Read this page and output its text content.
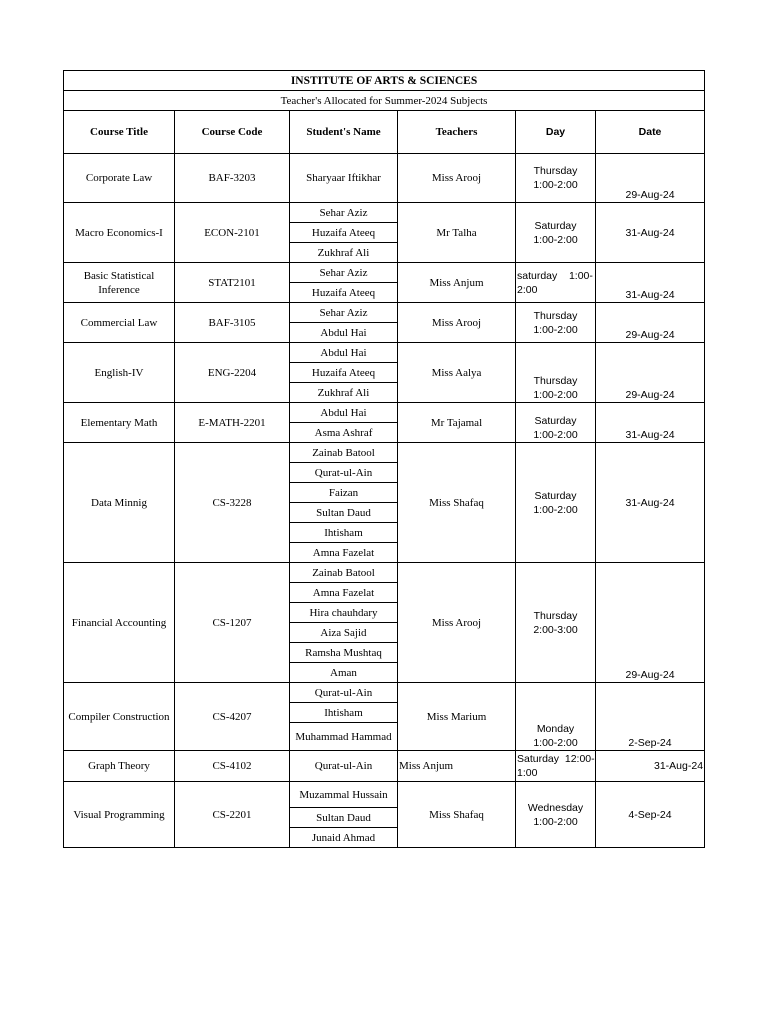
INSTITUTE OF ARTS & SCIENCES					
Teacher's Allocated for Summer-2024 Subjects					
Course Title	Course Code	Student's Name	Teachers	Day	Date
Corporate Law	BAF-3203	Sharyaar Iftikhar	Miss Arooj	Thursday
1:00-2:00	29-Aug-24
Macro Economics-I	ECON-2101	Sehar Aziz	Mr Talha	Saturday
1:00-2:00	31-Aug-24
		Huzaifa Ateeq			
		Zukhraf Ali			
Basic Statistical
Inference	STAT2101	Sehar Aziz	Miss Anjum	saturday    1:00-
2:00	31-Aug-24
		Huzaifa Ateeq			
Commercial Law	BAF-3105	Sehar Aziz	Miss Arooj	Thursday
1:00-2:00	29-Aug-24
		Abdul Hai			
English-IV	ENG-2204	Abdul Hai	Miss Aalya	Thursday
1:00-2:00	29-Aug-24
		Huzaifa Ateeq			
		Zukhraf Ali			
Elementary Math	E-MATH-2201	Abdul Hai	Mr Tajamal	Saturday
1:00-2:00	31-Aug-24
		Asma Ashraf			
Data Minnig	CS-3228	Zainab Batool	Miss Shafaq	Saturday
1:00-2:00	31-Aug-24
		Qurat-ul-Ain			
		Faizan			
		Sultan Daud			
		Ihtisham			
		Amna Fazelat			
Financial Accounting	CS-1207	Zainab Batool	Miss Arooj	Thursday
2:00-3:00	29-Aug-24
		Amna Fazelat			
		Hira chauhdary			
		Aiza Sajid			
		Ramsha Mushtaq			
		Aman			
Compiler Construction	CS-4207	Qurat-ul-Ain	Miss Marium	Monday
1:00-2:00	2-Sep-24
		Ihtisham			
		Muhammad Hammad			
Graph Theory	CS-4102	Qurat-ul-Ain	Miss Anjum	Saturday  12:00-
1:00	31-Aug-24
Visual Programming	CS-2201	Muzammal Hussain	Miss Shafaq	Wednesday
1:00-2:00	4-Sep-24
		Sultan Daud			
		Junaid Ahmad			
